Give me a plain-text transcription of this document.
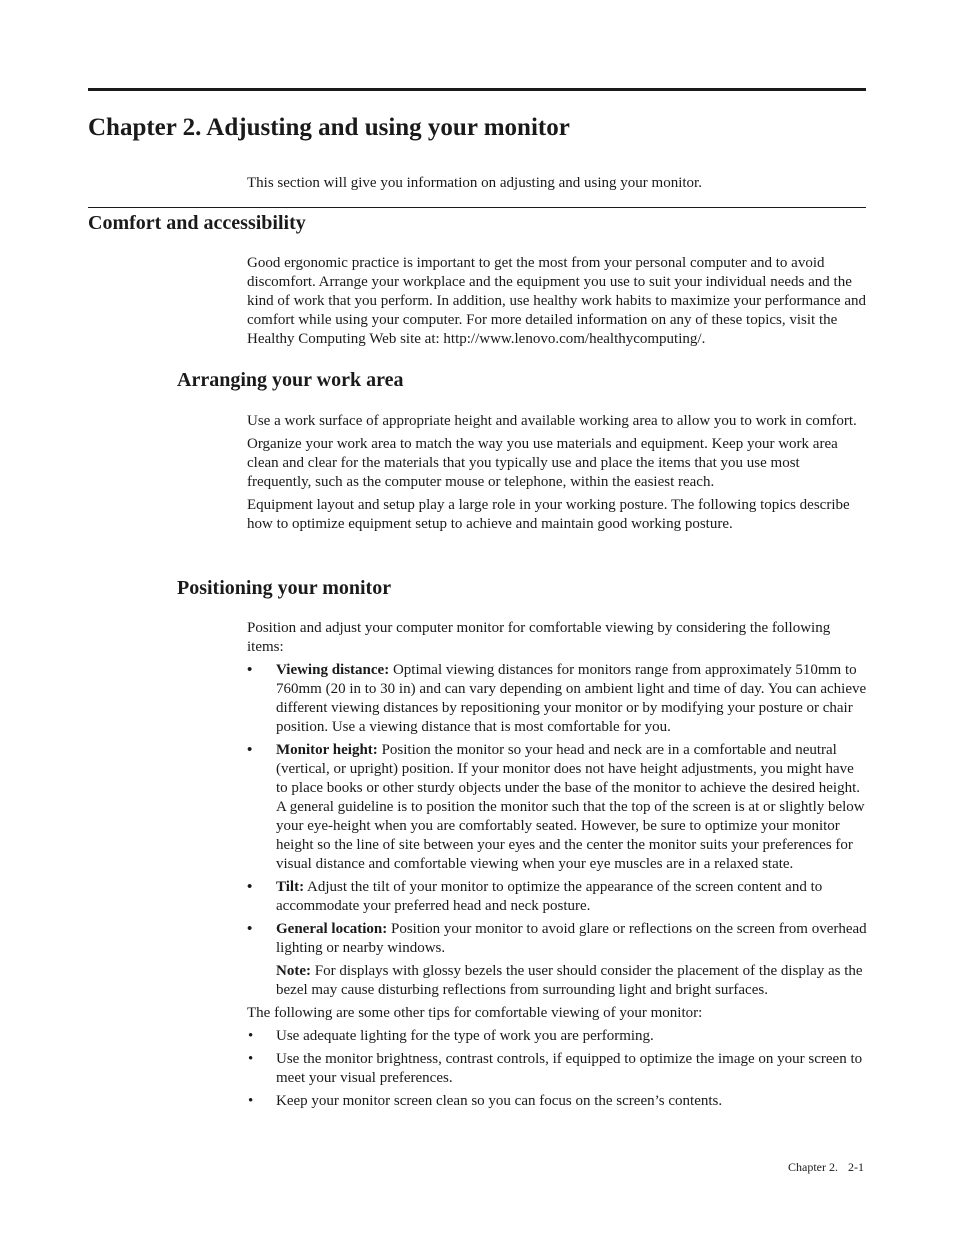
Chapter 2. Adjusting and using your monitor

This section will give you information on adjusting and using your monitor.

Comfort and accessibility

Good ergonomic practice is important to get the most from your personal computer and to avoid discomfort. Arrange your workplace and the equipment you use to suit your individual needs and the kind of work that you perform. In addition, use healthy work habits to maximize your performance and comfort while using your computer. For more detailed information on any of these topics, visit the Healthy Computing Web site at: http://www.lenovo.com/healthycomputing/.

Arranging your work area

Use a work surface of appropriate height and available working area to allow you to work in comfort.

Organize your work area to match the way you use materials and equipment. Keep your work area clean and clear for the materials that you typically use and place the items that you use most frequently, such as the computer mouse or telephone, within the easiest reach.

Equipment layout and setup play a large role in your working posture. The following topics describe how to optimize equipment setup to achieve and maintain good working posture.

Positioning your monitor

Position and adjust your computer monitor for comfortable viewing by considering the following items:

• Viewing distance: Optimal viewing distances for monitors range from approximately 510mm to 760mm (20 in to 30 in) and can vary depending on ambient light and time of day. You can achieve different viewing distances by repositioning your monitor or by modifying your posture or chair position. Use a viewing distance that is most comfortable for you.
• Monitor height: Position the monitor so your head and neck are in a comfortable and neutral (vertical, or upright) position. If your monitor does not have height adjustments, you might have to place books or other sturdy objects under the base of the monitor to achieve the desired height. A general guideline is to position the monitor such that the top of the screen is at or slightly below your eye-height when you are comfortably seated. However, be sure to optimize your monitor height so the line of site between your eyes and the center the monitor suits your preferences for visual distance and comfortable viewing when your eye muscles are in a relaxed state.
• Tilt: Adjust the tilt of your monitor to optimize the appearance of the screen content and to accommodate your preferred head and neck posture.
• General location: Position your monitor to avoid glare or reflections on the screen from overhead lighting or nearby windows.

Note: For displays with glossy bezels the user should consider the placement of the display as the bezel may cause disturbing reflections from surrounding light and bright surfaces.

The following are some other tips for comfortable viewing of your monitor:

• Use adequate lighting for the type of work you are performing.
• Use the monitor brightness, contrast controls, if equipped to optimize the image on your screen to meet your visual preferences.
• Keep your monitor screen clean so you can focus on the screen’s contents.
Chapter 2. 2-1
